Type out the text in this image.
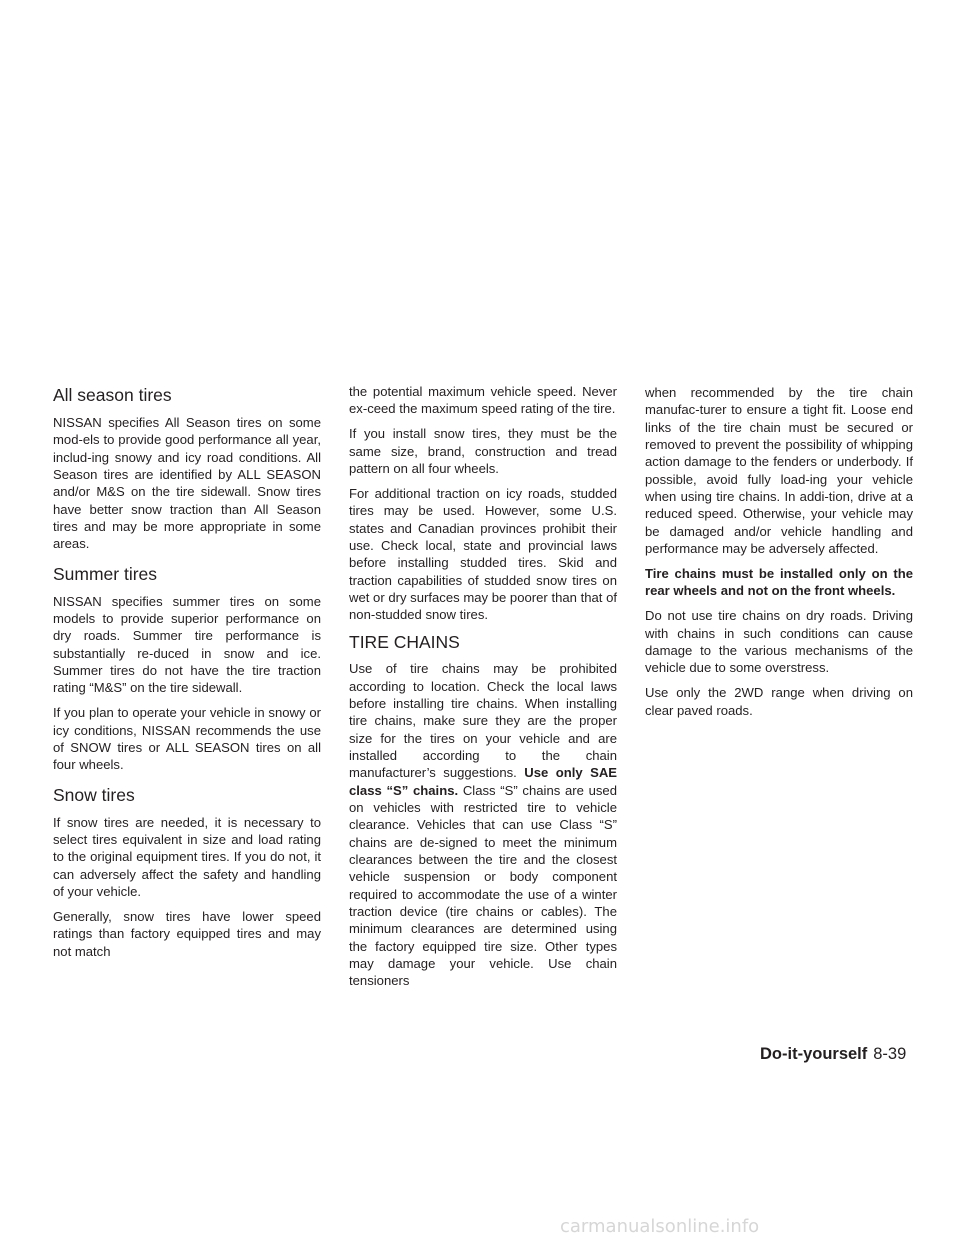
All season tires

NISSAN specifies All Season tires on some mod-els to provide good performance all year, includ-ing snowy and icy road conditions. All Season tires are identified by ALL SEASON and/or M&S on the tire sidewall. Snow tires have better snow traction than All Season tires and may be more appropriate in some areas.

Summer tires

NISSAN specifies summer tires on some models to provide superior performance on dry roads. Summer tire performance is substantially re-duced in snow and ice. Summer tires do not have the tire traction rating “M&S” on the tire sidewall.

If you plan to operate your vehicle in snowy or icy conditions, NISSAN recommends the use of SNOW tires or ALL SEASON tires on all four wheels.

Snow tires

If snow tires are needed, it is necessary to select tires equivalent in size and load rating to the original equipment tires. If you do not, it can adversely affect the safety and handling of your vehicle.

Generally, snow tires have lower speed ratings than factory equipped tires and may not match

the potential maximum vehicle speed. Never ex-ceed the maximum speed rating of the tire.

If you install snow tires, they must be the same size, brand, construction and tread pattern on all four wheels.

For additional traction on icy roads, studded tires may be used. However, some U.S. states and Canadian provinces prohibit their use. Check local, state and provincial laws before installing studded tires. Skid and traction capabilities of studded snow tires on wet or dry surfaces may be poorer than that of non-studded snow tires.

TIRE CHAINS

Use of tire chains may be prohibited according to location. Check the local laws before installing tire chains. When installing tire chains, make sure they are the proper size for the tires on your vehicle and are installed according to the chain manufacturer’s suggestions. Use only SAE class “S” chains. Class “S” chains are used on vehicles with restricted tire to vehicle clearance. Vehicles that can use Class “S” chains are de-signed to meet the minimum clearances between the tire and the closest vehicle suspension or body component required to accommodate the use of a winter traction device (tire chains or cables). The minimum clearances are determined using the factory equipped tire size. Other types may damage your vehicle. Use chain tensioners

when recommended by the tire chain manufac-turer to ensure a tight fit. Loose end links of the tire chain must be secured or removed to prevent the possibility of whipping action damage to the fenders or underbody. If possible, avoid fully load-ing your vehicle when using tire chains. In addi-tion, drive at a reduced speed. Otherwise, your vehicle may be damaged and/or vehicle handling and performance may be adversely affected.

Tire chains must be installed only on the rear wheels and not on the front wheels.

Do not use tire chains on dry roads. Driving with chains in such conditions can cause damage to the various mechanisms of the vehicle due to some overstress.

Use only the 2WD range when driving on clear paved roads.

Do-it-yourself 8-39
carmanualsonline.info
